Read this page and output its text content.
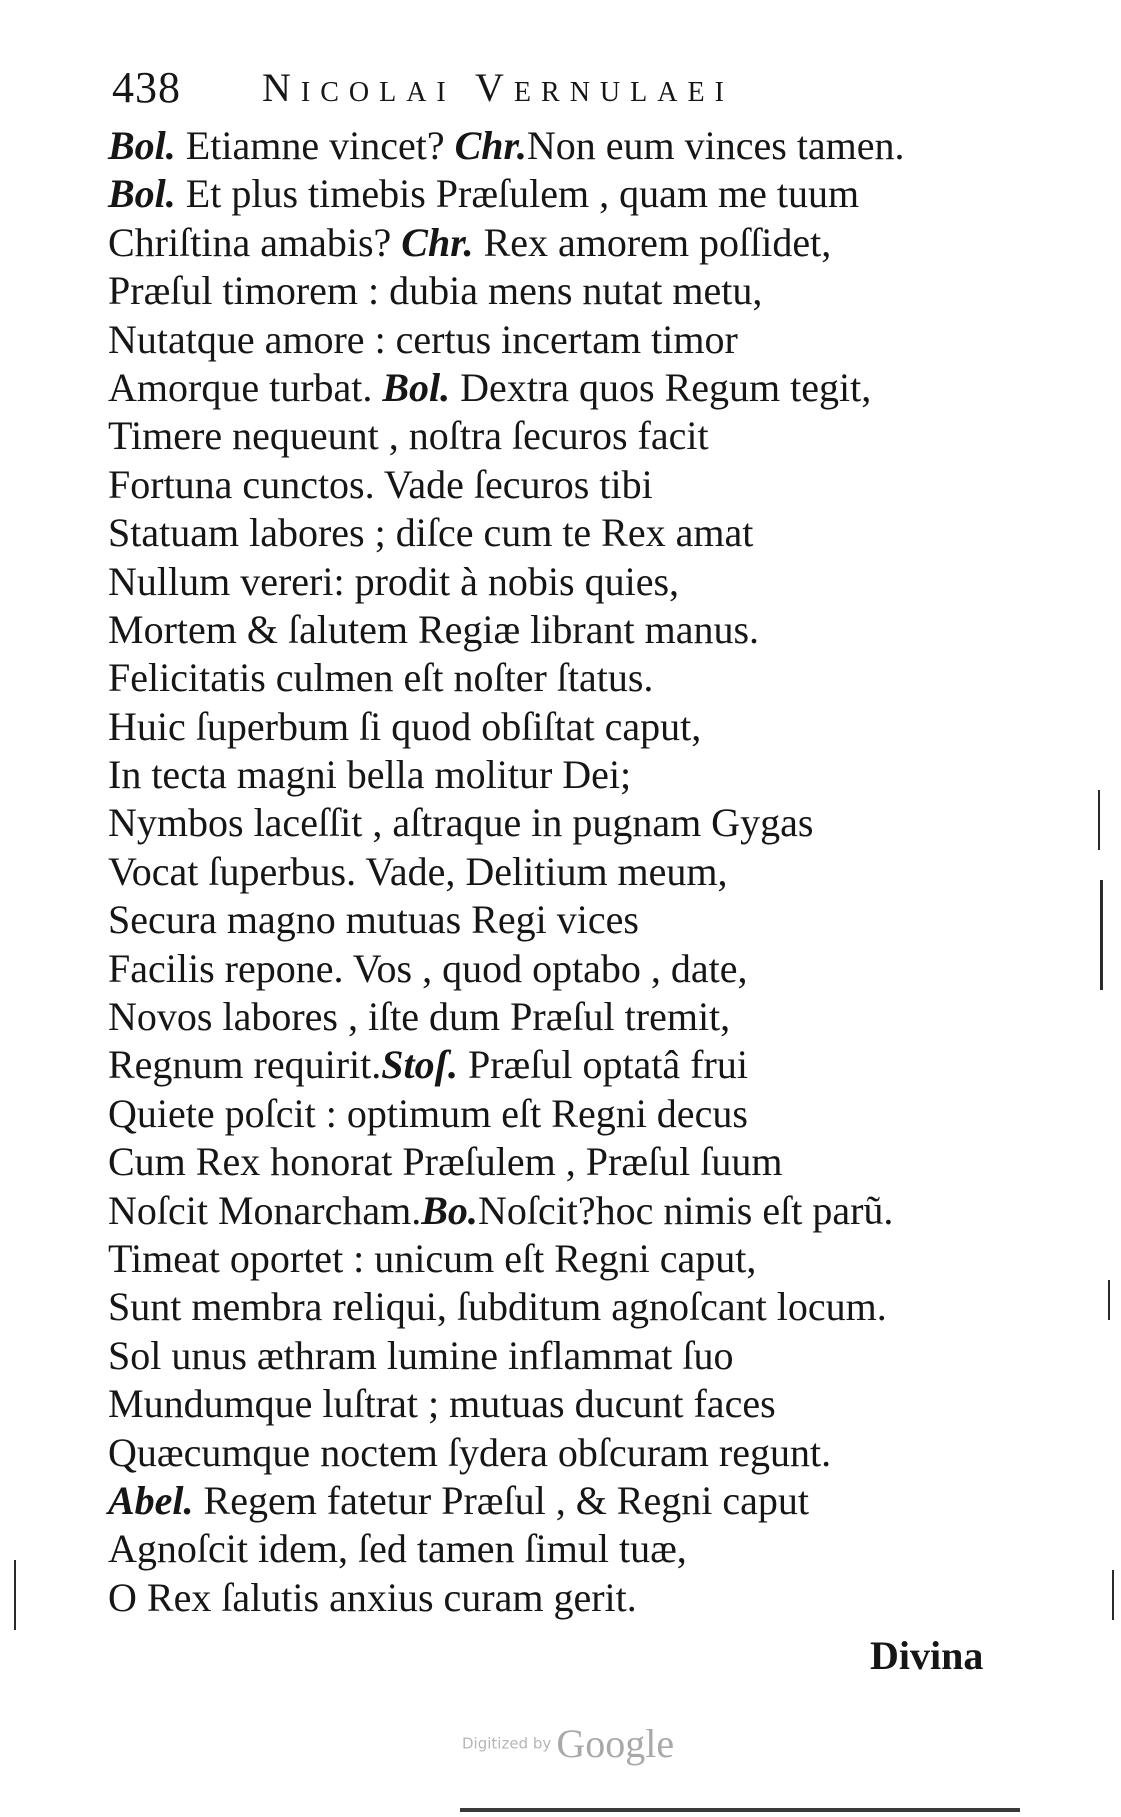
438 Nicolai Vernulaei
Bol. Etiamne vincet? Chr.Non eum vinces tamen.
Bol. Et plus timebis Præſulem , quam me tuum
Chriſtina amabis? Chr. Rex amorem poſſidet,
Præſul timorem : dubia mens nutat metu,
Nutatque amore : certus incertam timor
Amorque turbat. Bol. Dextra quos Regum tegit,
Timere nequeunt , noſtra ſecuros facit
Fortuna cunctos. Vade ſecuros tibi
Statuam labores ; diſce cum te Rex amat
Nullum vereri: prodit à nobis quies,
Mortem & ſalutem Regiæ librant manus.
Felicitatis culmen eſt noſter ſtatus.
Huic ſuperbum ſi quod obſiſtat caput,
In tecta magni bella molitur Dei;
Nymbos laceſſit , aſtraque in pugnam Gygas
Vocat ſuperbus. Vade, Delitium meum,
Secura magno mutuas Regi vices
Facilis repone. Vos , quod optabo , date,
Novos labores , iſte dum Præſul tremit,
Regnum requirit.Stoſ. Præſul optatâ frui
Quiete poſcit : optimum eſt Regni decus
Cum Rex honorat Præſulem , Præſul ſuum
Noſcit Monarcham.Bo.Noſcit?hoc nimis eſt parũ.
Timeat oportet : unicum eſt Regni caput,
Sunt membra reliqui, ſubditum agnoſcant locum.
Sol unus æthram lumine inflammat ſuo
Mundumque luſtrat ; mutuas ducunt faces
Quæcumque noctem ſydera obſcuram regunt.
Abel. Regem fatetur Præſul , & Regni caput
Agnoſcit idem, ſed tamen ſimul tuæ,
O Rex ſalutis anxius curam gerit.
Divina
Digitized by Google
